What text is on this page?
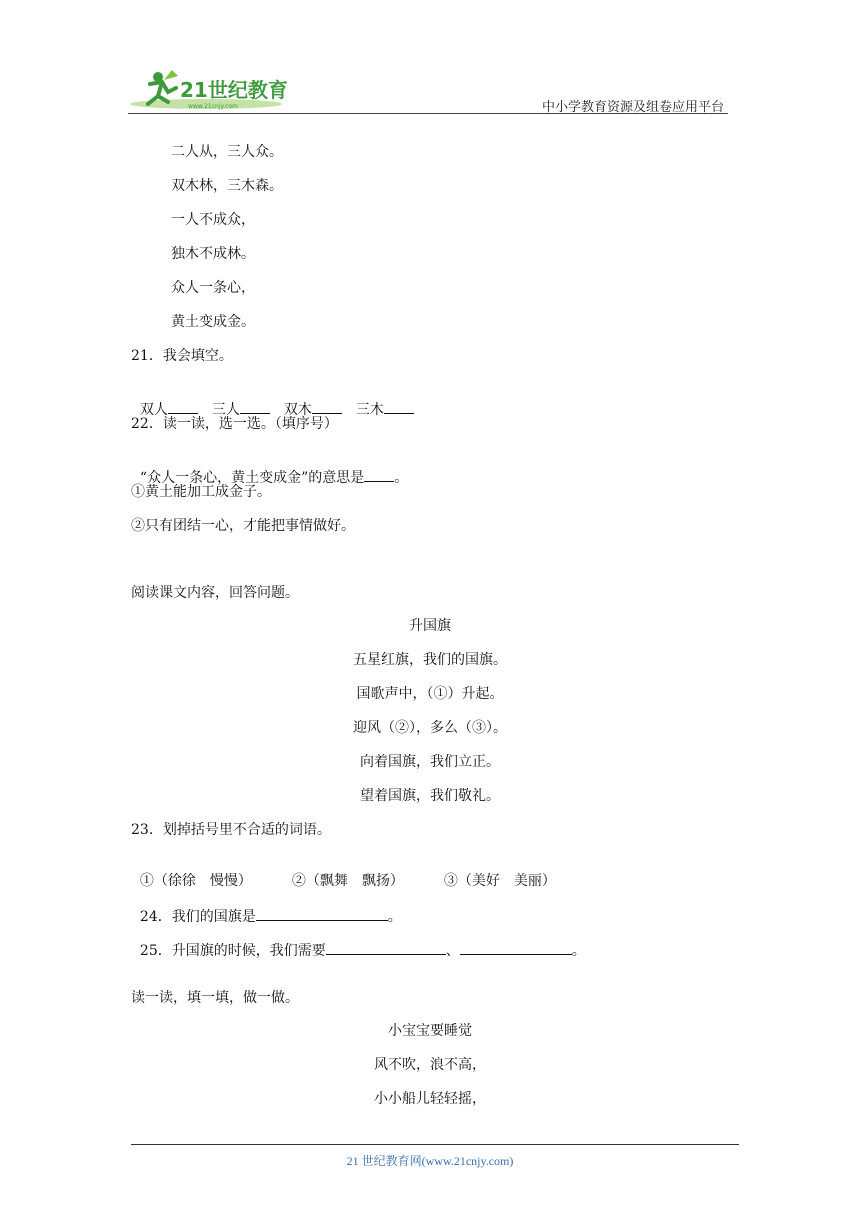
21世纪教育
www.21cnjy.com	中小学教育资源及组卷应用平台
二人从，三人众。
双木林，三木森。
一人不成众，
独木不成林。
众人一条心，
黄土变成金。
21．我会填空。

双人	三人	双木	三木

22．读一读，选一选。（填序号）

“众人一条心，黄土变成金”的意思是 。

①黄土能加工成金子。
②只有团结一心，才能把事情做好。
阅读课文内容，回答问题。
升国旗
五星红旗，我们的国旗。
国歌声中，（①）升起。
迎风（②），多么（③）。
向着国旗，我们立正。
望着国旗，我们敬礼。
23．划掉括号里不合适的词语。

①（徐徐　慢慢）	②（飘舞　飘扬）	③（美好　美丽）

24．我们的国旗是	。

25．升国旗的时候，我们需要	、	。

读一读，填一填，做一做。
小宝宝要睡觉
风不吹，浪不高，
小小船儿轻轻摇，
21 世纪教育网(www.21cnjy.com)
